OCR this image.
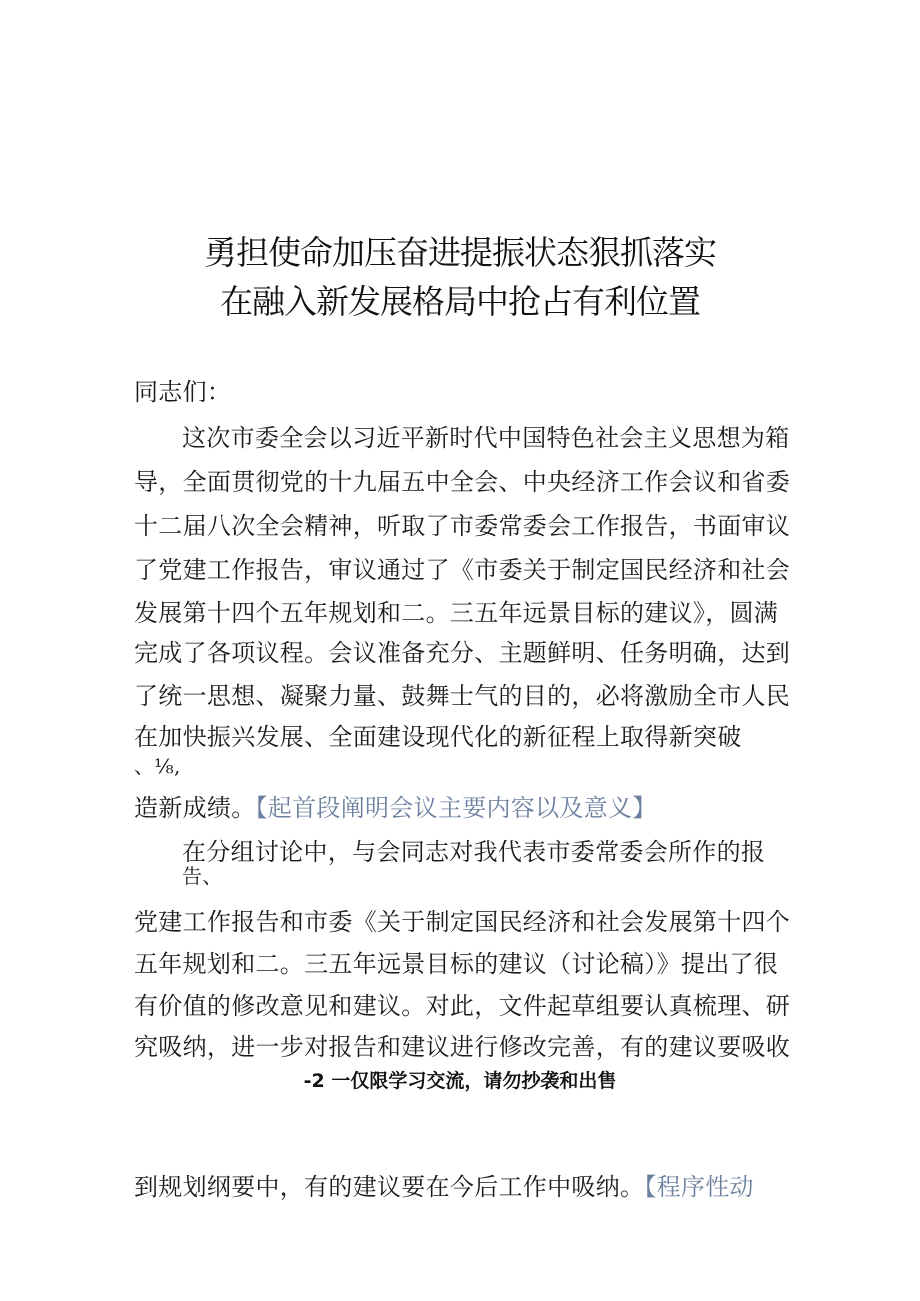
勇担使命加压奋进提振状态狠抓落实
在融入新发展格局中抢占有利位置
同志们：
这次市委全会以习近平新时代中国特色社会主义思想为箱
导，全面贯彻党的十九届五中全会、中央经济工作会议和省委
十二届八次全会精神，听取了市委常委会工作报告，书面审议
了党建工作报告，审议通过了《市委关于制定国民经济和社会
发展第十四个五年规划和二。三五年远景目标的建议》，圆满
完成了各项议程。会议准备充分、主题鲜明、任务明确，达到
了统一思想、凝聚力量、鼓舞士气的目的，必将激励全市人民
在加快振兴发展、全面建设现代化的新征程上取得新突破
、⅛,
造新成绩。【起首段阐明会议主要内容以及意义】
在分组讨论中，与会同志对我代表市委常委会所作的报
告、
党建工作报告和市委《关于制定国民经济和社会发展第十四个
五年规划和二。三五年远景目标的建议（讨论稿）》提出了很
有价值的修改意见和建议。对此，文件起草组要认真梳理、研
究吸纳，进一步对报告和建议进行修改完善，有的建议要吸收
-2 一仅限学习交流，请勿抄袭和出售
到规划纲要中，有的建议要在今后工作中吸纳。【程序性动
